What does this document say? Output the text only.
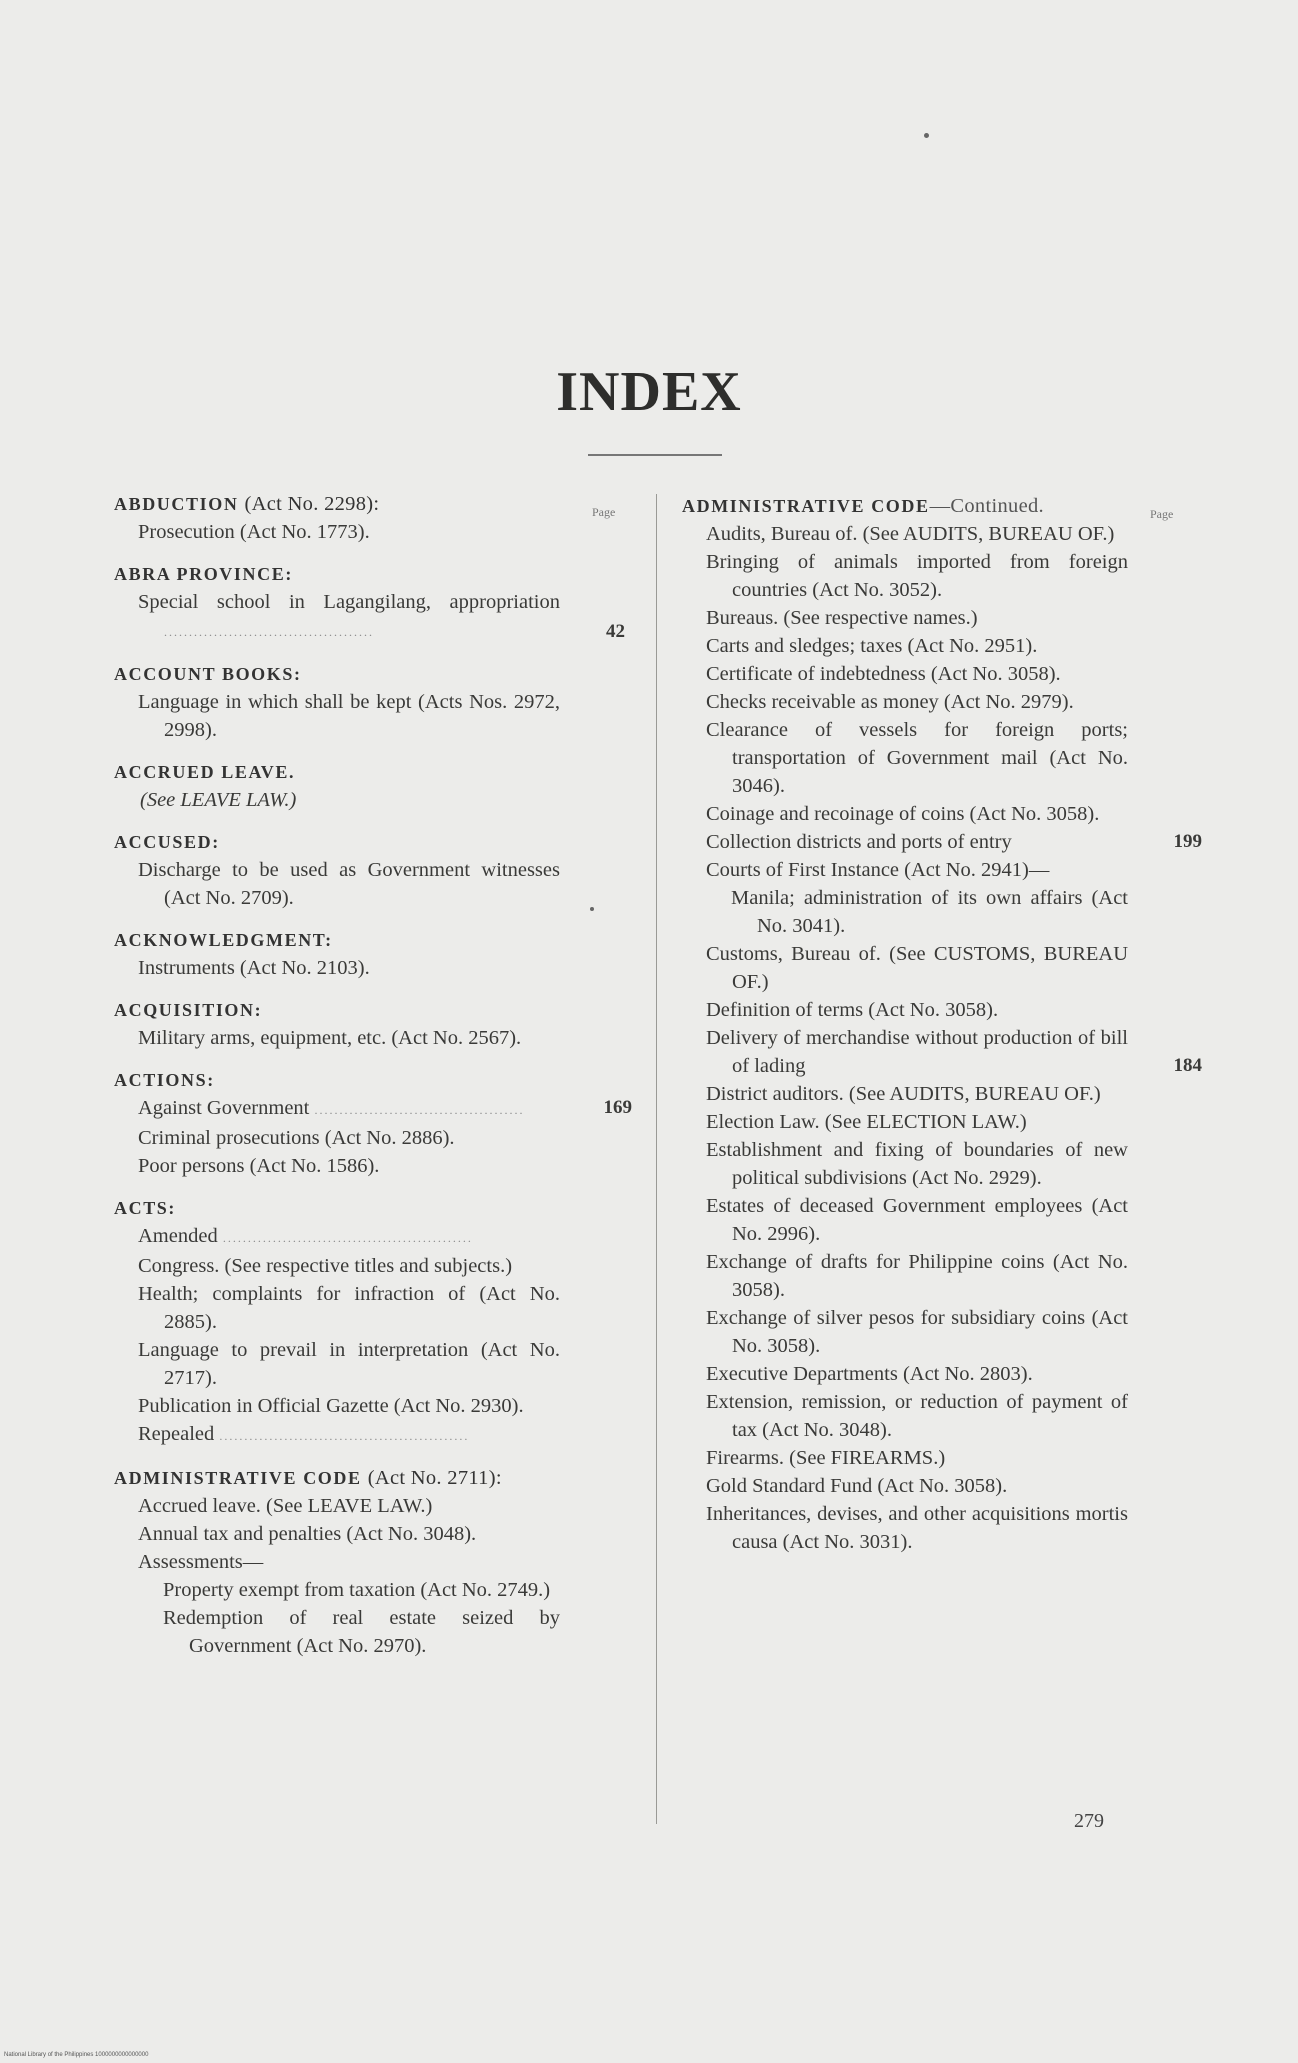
INDEX
Page	Page
ABDUCTION (Act No. 2298):
Prosecution (Act No. 1773).
ABRA PROVINCE:
Special school in Lagangilang, appropriation ..........................................	42
ACCOUNT BOOKS:
Language in which shall be kept (Acts Nos. 2972, 2998).
ACCRUED LEAVE.
(See LEAVE LAW.)
ACCUSED:
Discharge to be used as Government witnesses (Act No. 2709).
ACKNOWLEDGMENT:
Instruments (Act No. 2103).
ACQUISITION:
Military arms, equipment, etc. (Act No. 2567).
ACTIONS:
Against Government ..........................................	169
Criminal prosecutions (Act No. 2886).
Poor persons (Act No. 1586).
ACTS:
Amended ..................................................
Congress. (See respective titles and subjects.)
Health; complaints for infraction of (Act No. 2885).
Language to prevail in interpretation (Act No. 2717).
Publication in Official Gazette (Act No. 2930).
Repealed ..................................................
ADMINISTRATIVE CODE (Act No. 2711):
Accrued leave. (See LEAVE LAW.)
Annual tax and penalties (Act No. 3048).
Assessments—
Property exempt from taxation (Act No. 2749.)
Redemption of real estate seized by Government (Act No. 2970).
ADMINISTRATIVE CODE—Continued.
Audits, Bureau of. (See AUDITS, BUREAU OF.)
Bringing of animals imported from foreign countries (Act No. 3052).
Bureaus. (See respective names.)
Carts and sledges; taxes (Act No. 2951).
Certificate of indebtedness (Act No. 3058).
Checks receivable as money (Act No. 2979).
Clearance of vessels for foreign ports; transportation of Government mail (Act No. 3046).
Coinage and recoinage of coins (Act No. 3058).
Collection districts and ports of entry	199
Courts of First Instance (Act No. 2941)—
Manila; administration of its own affairs (Act No. 3041).
Customs, Bureau of. (See CUSTOMS, BUREAU OF.)
Definition of terms (Act No. 3058).
Delivery of merchandise without production of bill of lading	184
District auditors. (See AUDITS, BUREAU OF.)
Election Law. (See ELECTION LAW.)
Establishment and fixing of boundaries of new political subdivisions (Act No. 2929).
Estates of deceased Government employees (Act No. 2996).
Exchange of drafts for Philippine coins (Act No. 3058).
Exchange of silver pesos for subsidiary coins (Act No. 3058).
Executive Departments (Act No. 2803).
Extension, remission, or reduction of payment of tax (Act No. 3048).
Firearms. (See FIREARMS.)
Gold Standard Fund (Act No. 3058).
Inheritances, devises, and other acquisitions mortis causa (Act No. 3031).
279
National Library of the Philippines 1000000000000000
